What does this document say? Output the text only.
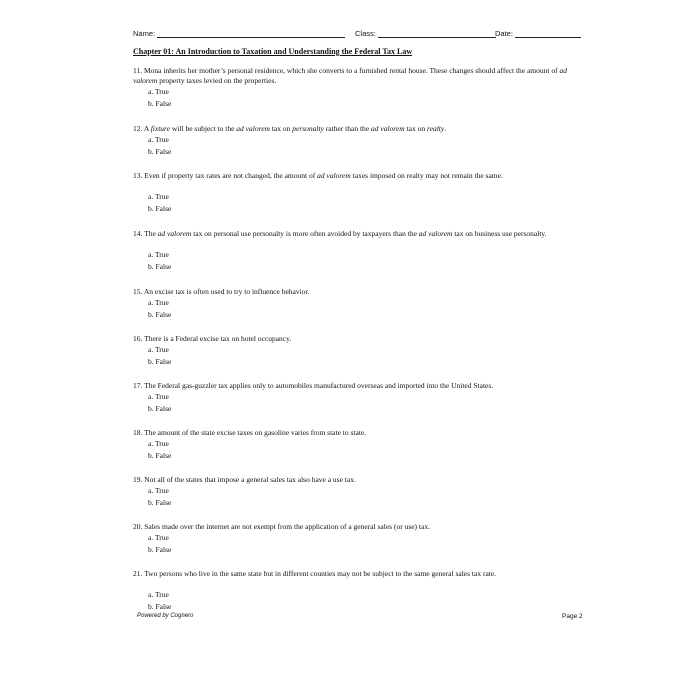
Name:	Class:	Date:
Chapter 01: An Introduction to Taxation and Understanding the Federal Tax Law
11. Mona inherits her mother’s personal residence, which she converts to a furnished rental house. These changes should affect the amount of ad valorem property taxes levied on the properties.
a. True
b. False
12. A fixture will be subject to the ad valorem tax on personalty rather than the ad valorem tax on realty.
a. True
b. False
13. Even if property tax rates are not changed, the amount of ad valorem taxes imposed on realty may not remain the same.
a. True
b. False
14. The ad valorem tax on personal use personalty is more often avoided by taxpayers than the ad valorem tax on business use personalty.
a. True
b. False
15. An excise tax is often used to try to influence behavior.
a. True
b. False
16. There is a Federal excise tax on hotel occupancy.
a. True
b. False
17. The Federal gas-guzzler tax applies only to automobiles manufactured overseas and imported into the United States.
a. True
b. False
18. The amount of the state excise taxes on gasoline varies from state to state.
a. True
b. False
19. Not all of the states that impose a general sales tax also have a use tax.
a. True
b. False
20. Sales made over the internet are not exempt from the application of a general sales (or use) tax.
a. True
b. False
21. Two persons who live in the same state but in different counties may not be subject to the same general sales tax rate.
a. True
b. False
Powered by Cognero	Page 2
